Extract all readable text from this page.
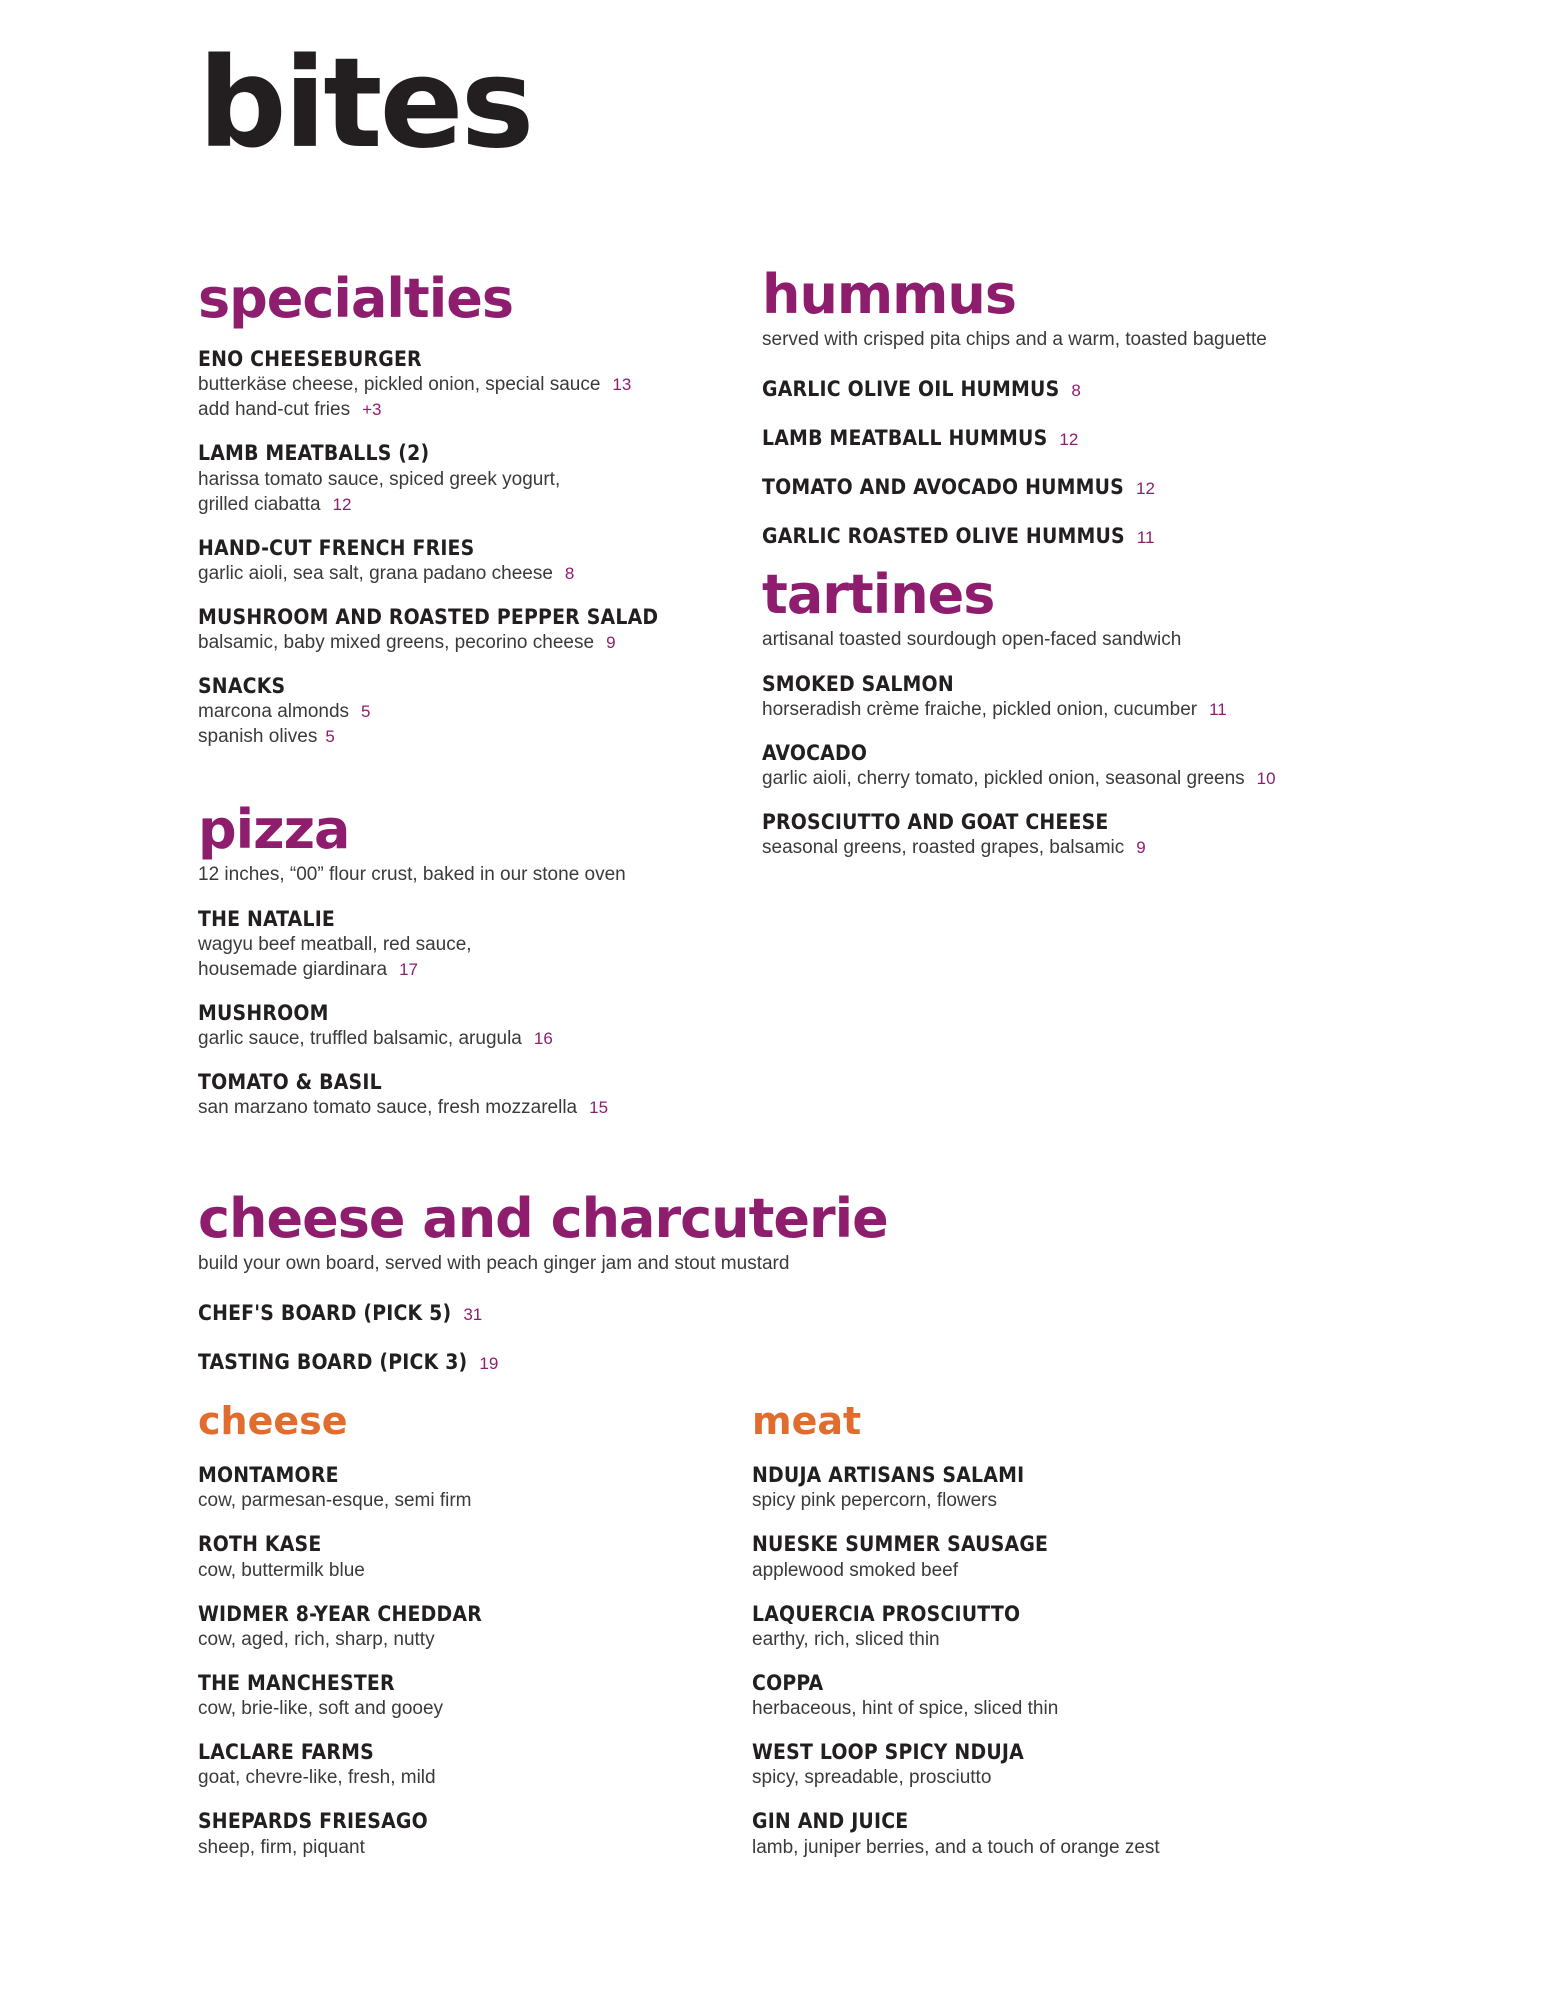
bites
specialties
ENO CHEESEBURGER
butterkäse cheese, pickled onion, special sauce 13
add hand-cut fries +3
LAMB MEATBALLS (2)
harissa tomato sauce, spiced greek yogurt,
grilled ciabatta 12
HAND-CUT FRENCH FRIES
garlic aioli, sea salt, grana padano cheese 8
MUSHROOM AND ROASTED PEPPER SALAD
balsamic, baby mixed greens, pecorino cheese 9
SNACKS
marcona almonds 5
spanish olives 5
pizza

12 inches, “00” flour crust, baked in our stone oven

THE NATALIE
wagyu beef meatball, red sauce,
housemade giardinara 17
MUSHROOM
garlic sauce, truffled balsamic, arugula 16
TOMATO & BASIL
san marzano tomato sauce, fresh mozzarella 15
hummus

served with crisped pita chips and a warm, toasted baguette

GARLIC OLIVE OIL HUMMUS 8
LAMB MEATBALL HUMMUS 12
TOMATO AND AVOCADO HUMMUS 12
GARLIC ROASTED OLIVE HUMMUS 11
tartines

artisanal toasted sourdough open-faced sandwich

SMOKED SALMON
horseradish crème fraiche, pickled onion, cucumber 11
AVOCADO
garlic aioli, cherry tomato, pickled onion, seasonal greens 10
PROSCIUTTO AND GOAT CHEESE
seasonal greens, roasted grapes, balsamic 9
cheese and charcuterie

build your own board, served with peach ginger jam and stout mustard

CHEF'S BOARD (PICK 5) 31
TASTING BOARD (PICK 3) 19
cheese
MONTAMORE
cow, parmesan-esque, semi firm
ROTH KASE
cow, buttermilk blue
WIDMER 8-YEAR CHEDDAR
cow, aged, rich, sharp, nutty
THE MANCHESTER
cow, brie-like, soft and gooey
LACLARE FARMS
goat, chevre-like, fresh, mild
SHEPARDS FRIESAGO
sheep, firm, piquant
meat
NDUJA ARTISANS SALAMI
spicy pink pepercorn, flowers
NUESKE SUMMER SAUSAGE
applewood smoked beef
LAQUERCIA PROSCIUTTO
earthy, rich, sliced thin
COPPA
herbaceous, hint of spice, sliced thin
WEST LOOP SPICY NDUJA
spicy, spreadable, prosciutto
GIN AND JUICE
lamb, juniper berries, and a touch of orange zest
